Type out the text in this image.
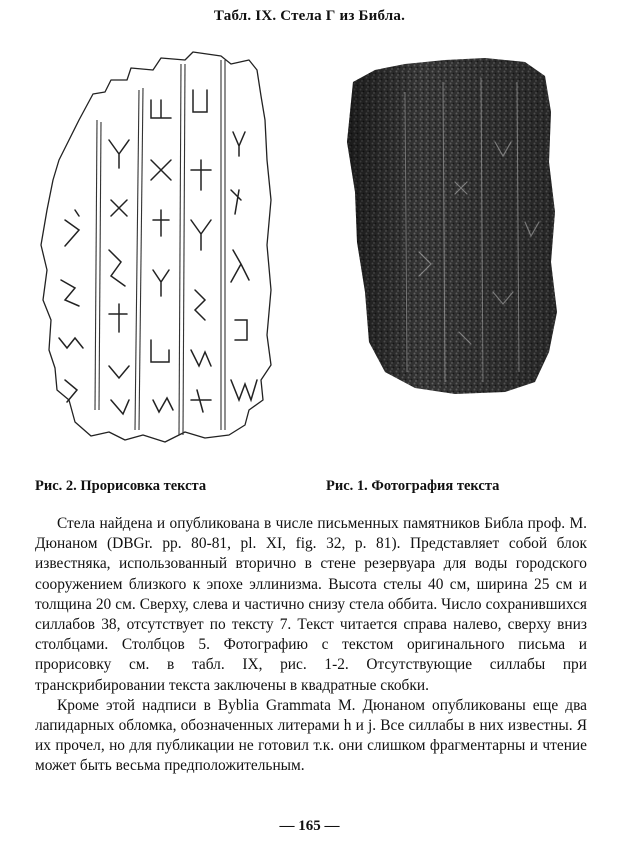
Табл. IX. Стела Г из Библа.
Рис. 2. Прорисовка текста	Рис. 1. Фотография текста

Стела найдена и опубликована в числе письменных памятников Библа проф. М. Дюнаном (DBGr. pp. 80-81, pl. XI, fig. 32, p. 81). Представляет собой блок известняка, использованный вторично в стене резервуара для воды городского сооружением близкого к эпохе эллинизма. Высота стелы 40 см, ширина 25 см и толщина 20 см. Сверху, слева и частично снизу стела оббита. Число сохранившихся силлабов 38, отсутствует по тексту 7. Текст читается справа налево, сверху вниз столбцами. Столбцов 5. Фотографию с текстом оригинального письма и прорисовку см. в табл. IX, рис. 1-2. Отсутствующие силлабы при транскрибировании текста заключены в квадратные скобки.

Кроме этой надписи в Byblia Grammata М. Дюнаном опубликованы еще два лапидарных обломка, обозначенных литерами h и j. Все силлабы в них известны. Я их прочел, но для публикации не готовил т.к. они слишком фрагментарны и чтение может быть весьма предположительным.

— 165 —
